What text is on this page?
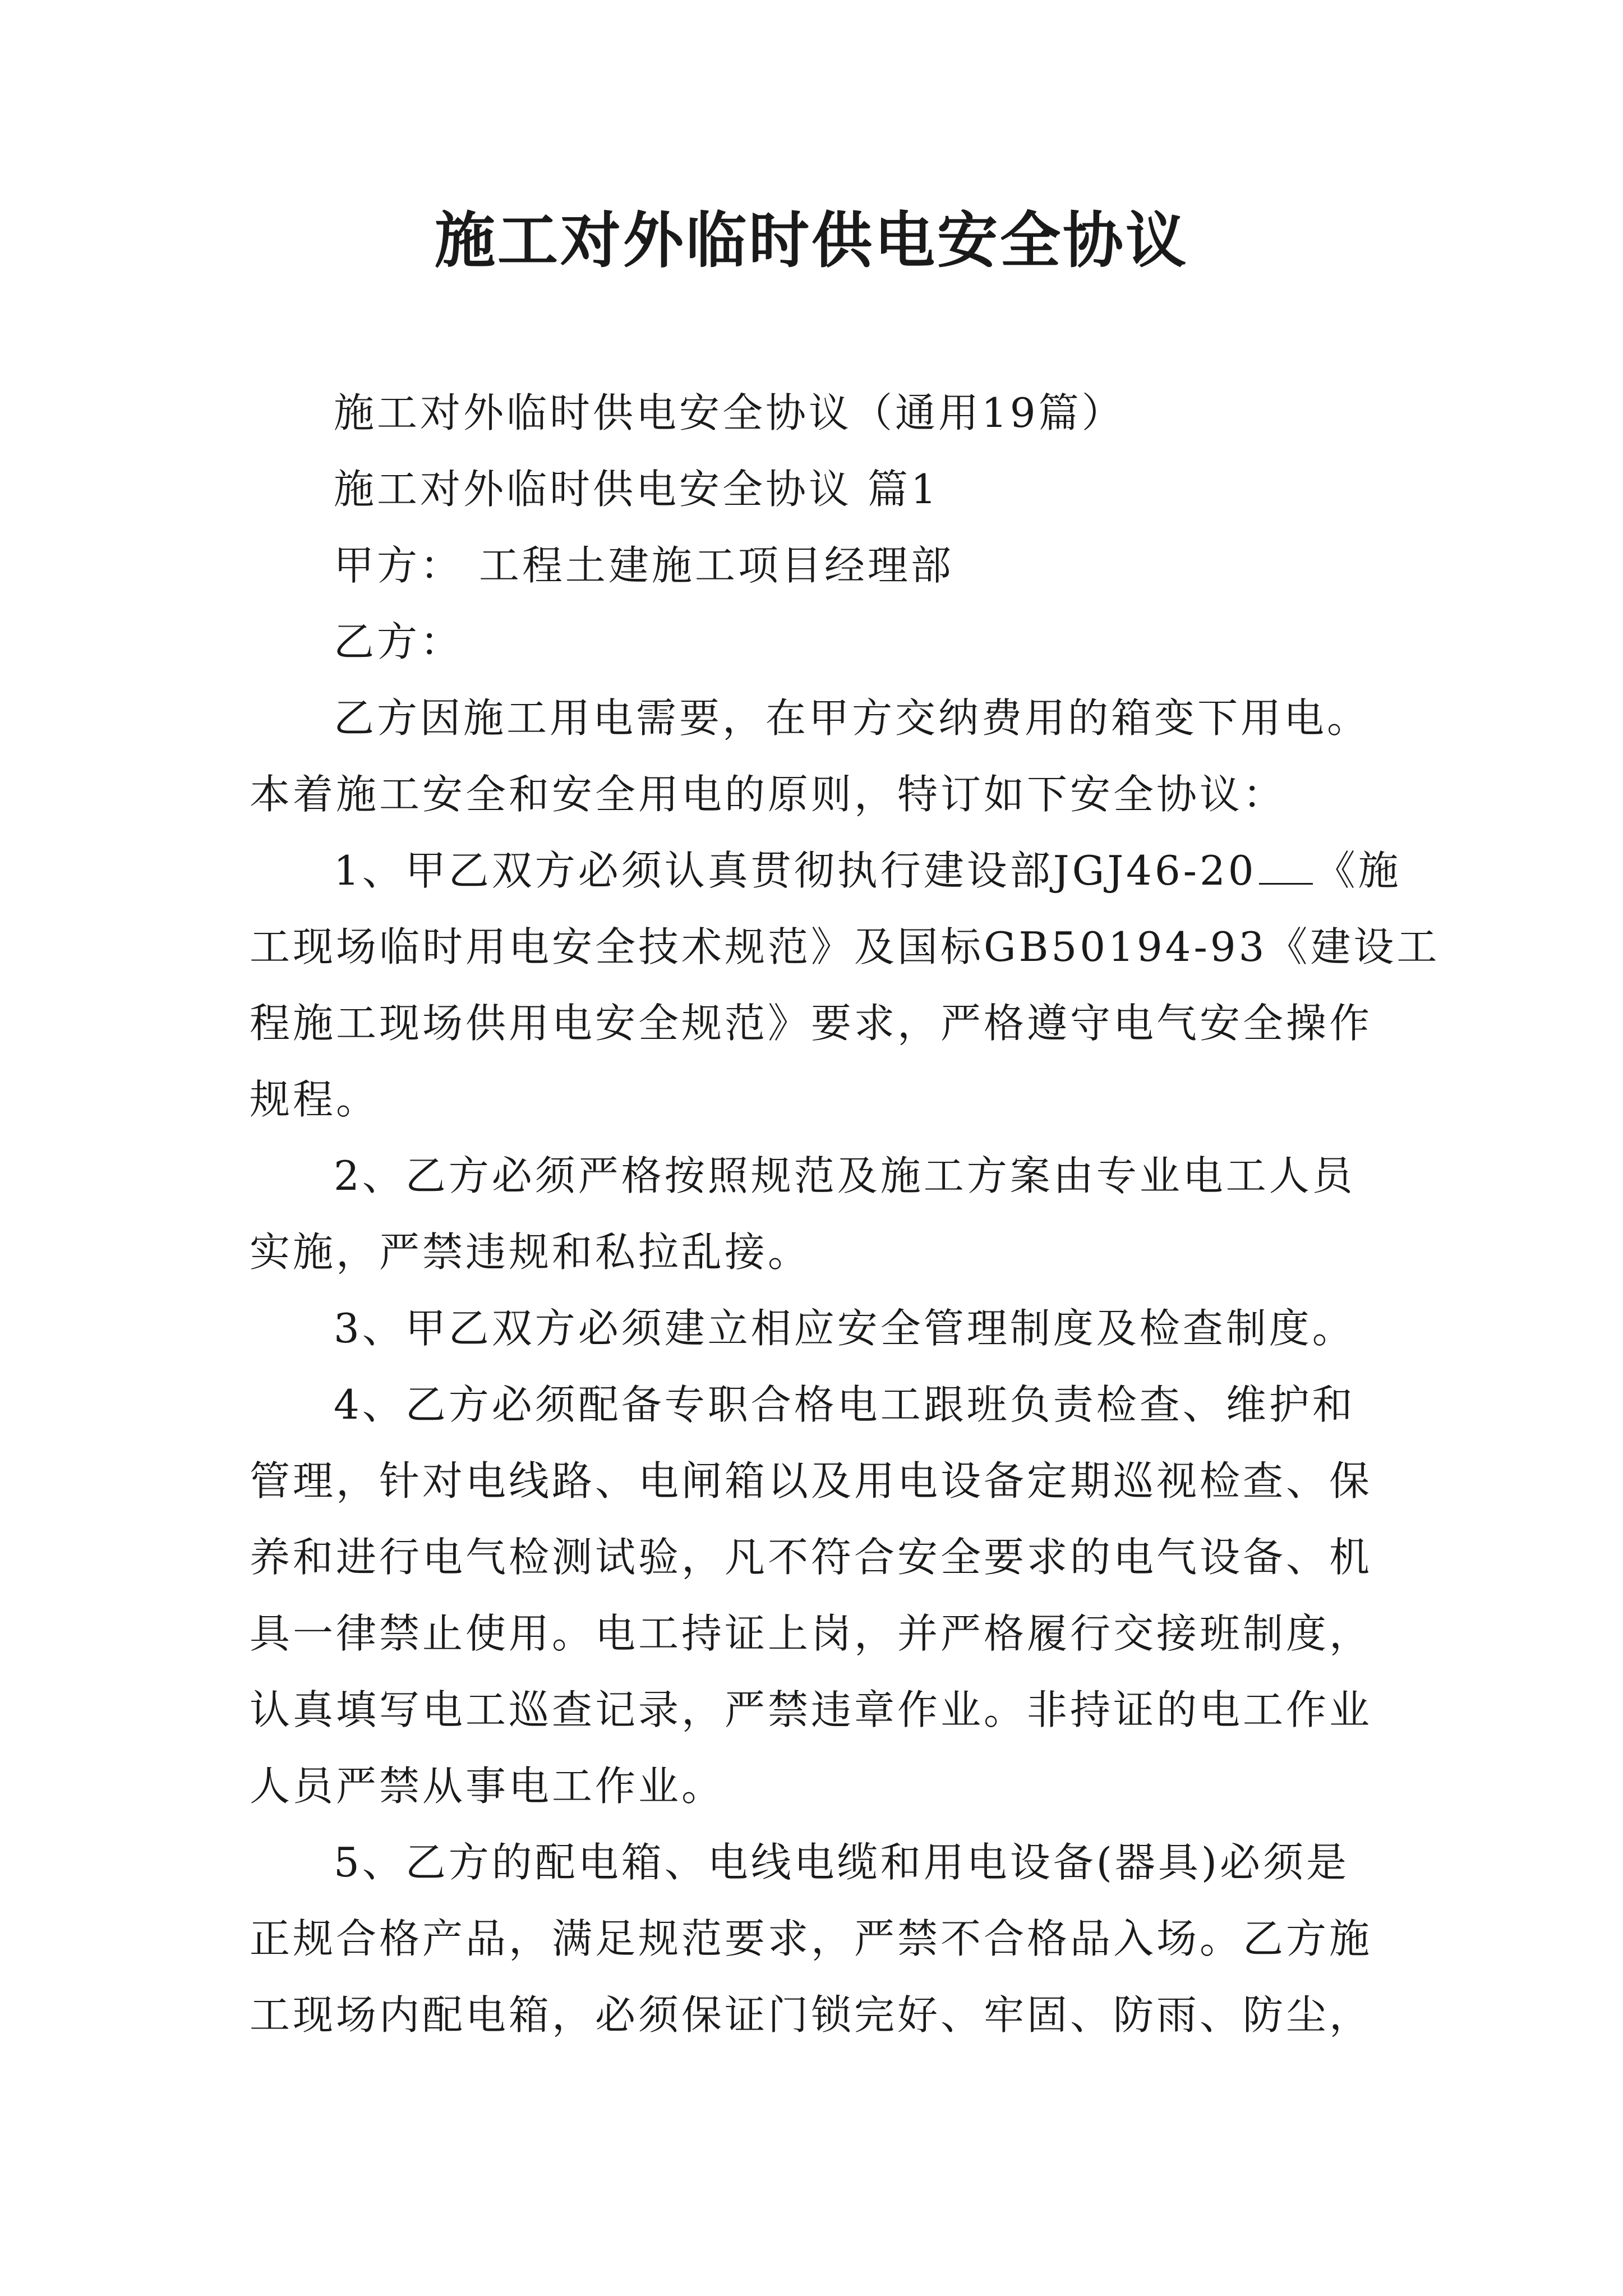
施工对外临时供电安全协议
施工对外临时供电安全协议（通用19篇）
施工对外临时供电安全协议 篇1
甲方： 工程土建施工项目经理部
乙方：
乙方因施工用电需要，在甲方交纳费用的箱变下用电。
本着施工安全和安全用电的原则，特订如下安全协议：
1、甲乙双方必须认真贯彻执行建设部JGJ46-20 《施
工现场临时用电安全技术规范》及国标GB50194-93《建设工
程施工现场供用电安全规范》要求，严格遵守电气安全操作
规程。
2、乙方必须严格按照规范及施工方案由专业电工人员
实施，严禁违规和私拉乱接。
3、甲乙双方必须建立相应安全管理制度及检查制度。
4、乙方必须配备专职合格电工跟班负责检查、维护和
管理，针对电线路、电闸箱以及用电设备定期巡视检查、保
养和进行电气检测试验，凡不符合安全要求的电气设备、机
具一律禁止使用。电工持证上岗，并严格履行交接班制度，
认真填写电工巡查记录，严禁违章作业。非持证的电工作业
人员严禁从事电工作业。
5、乙方的配电箱、电线电缆和用电设备(器具)必须是
正规合格产品，满足规范要求，严禁不合格品入场。乙方施
工现场内配电箱，必须保证门锁完好、牢固、防雨、防尘，
